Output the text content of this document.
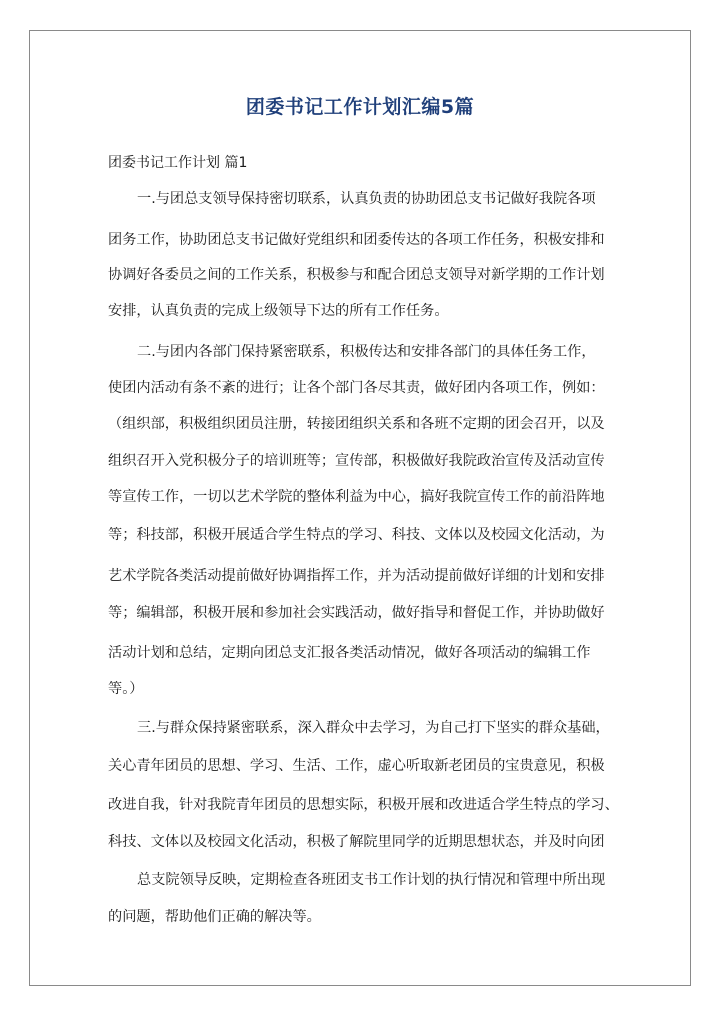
团委书记工作计划汇编5篇
团委书记工作计划 篇1
一.与团总支领导保持密切联系，认真负责的协助团总支书记做好我院各项
团务工作，协助团总支书记做好党组织和团委传达的各项工作任务，积极安排和
协调好各委员之间的工作关系，积极参与和配合团总支领导对新学期的工作计划
安排，认真负责的完成上级领导下达的所有工作任务。
二.与团内各部门保持紧密联系，积极传达和安排各部门的具体任务工作，
使团内活动有条不紊的进行；让各个部门各尽其责，做好团内各项工作，例如：
（组织部，积极组织团员注册，转接团组织关系和各班不定期的团会召开，以及
组织召开入党积极分子的培训班等；宣传部，积极做好我院政治宣传及活动宣传
等宣传工作，一切以艺术学院的整体利益为中心，搞好我院宣传工作的前沿阵地
等；科技部，积极开展适合学生特点的学习、科技、文体以及校园文化活动，为
艺术学院各类活动提前做好协调指挥工作，并为活动提前做好详细的计划和安排
等；编辑部，积极开展和参加社会实践活动，做好指导和督促工作，并协助做好
活动计划和总结，定期向团总支汇报各类活动情况，做好各项活动的编辑工作
等。）
三.与群众保持紧密联系，深入群众中去学习，为自己打下坚实的群众基础，
关心青年团员的思想、学习、生活、工作，虚心听取新老团员的宝贵意见，积极
改进自我，针对我院青年团员的思想实际，积极开展和改进适合学生特点的学习、
科技、文体以及校园文化活动，积极了解院里同学的近期思想状态，并及时向团
总支院领导反映，定期检查各班团支书工作计划的执行情况和管理中所出现
的问题，帮助他们正确的解决等。
